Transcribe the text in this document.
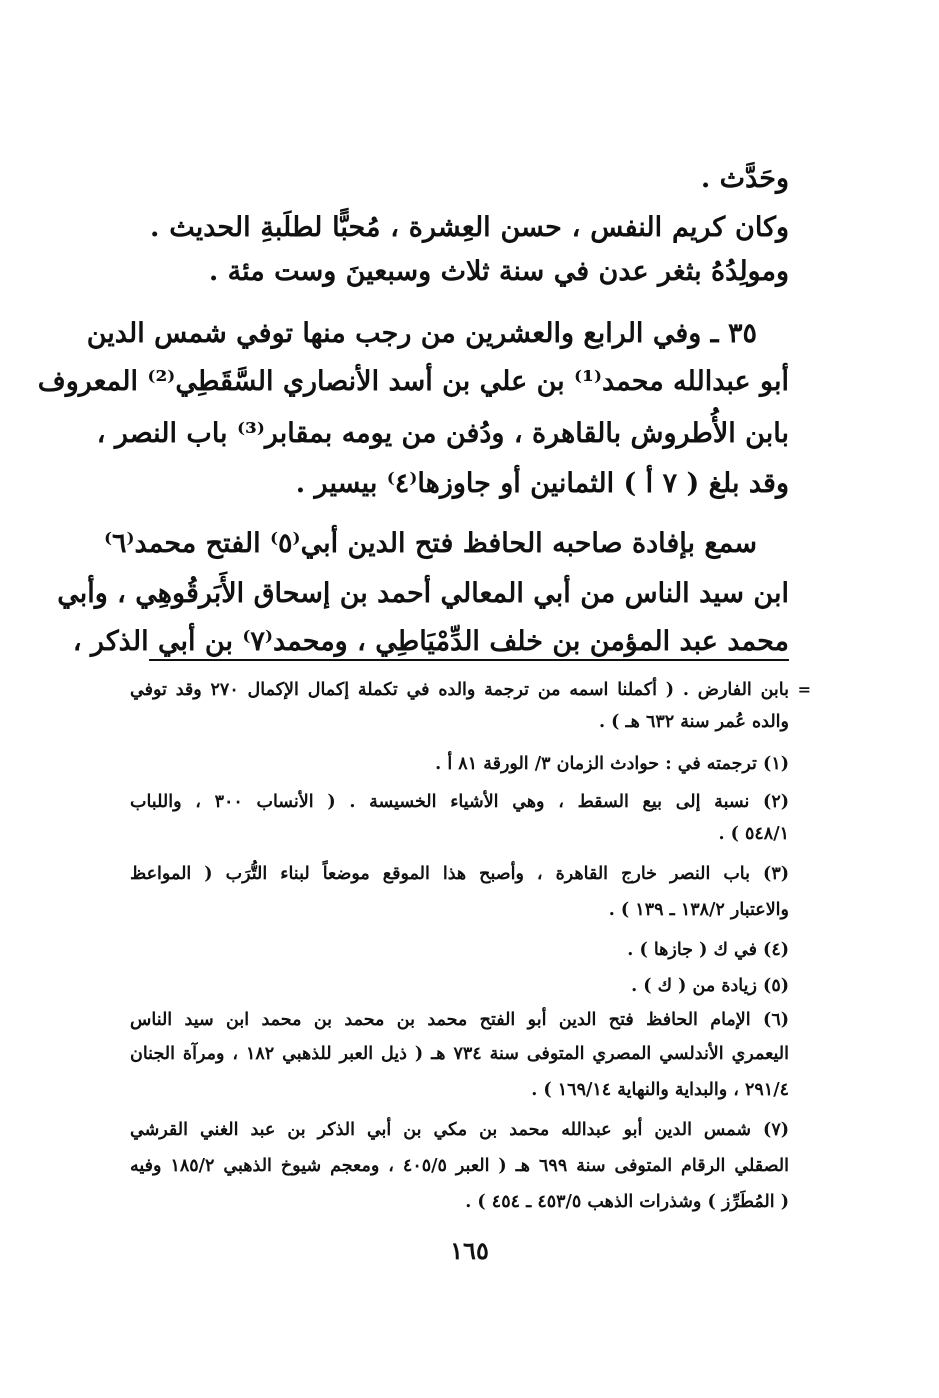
وحَدَّث .
وكان كريم النفس ، حسن العِشرة ، مُحبًّا لطلَبةِ الحديث .
ومولِدُهُ بثغر عدن في سنة ثلاث وسبعينَ وست مئة .
٣٥ ـ وفي الرابع والعشرين من رجب منها توفي شمس الدين
أبو عبدالله محمد⁽¹⁾ بن علي بن أسد الأنصاري السَّقَطِي⁽²⁾ المعروف
بابن الأُطروش بالقاهرة ، ودُفن من يومه بمقابر⁽³⁾ باب النصر ،
وقد بلغ ( ٧ أ ) الثمانين أو جاوزها⁽٤⁾ بيسير .
سمع بإفادة صاحبه الحافظ فتح الدين أبي⁽٥⁾ الفتح محمد⁽٦⁾
ابن سيد الناس من أبي المعالي أحمد بن إسحاق الأَبَرقُوهِي ، وأبي
محمد عبد المؤمن بن خلف الدِّمْيَاطِي ، ومحمد⁽٧⁾ بن أبي الذكر ،
=
بابن الفارض . ( أكملنا اسمه من ترجمة والده في تكملة إكمال الإكمال ٢٧٠ وقد توفي
والده عُمر سنة ٦٣٢ هـ ) .
(١) ترجمته في : حوادث الزمان ٣/ الورقة ٨١ أ .
(٢) نسبة إلى بيع السقط ، وهي الأشياء الخسيسة . ( الأنساب ٣٠٠ ، واللباب
٥٤٨/١ ) .
(٣) باب النصر خارج القاهرة ، وأصبح هذا الموقع موضعاً لبناء التُّرَب ( المواعظ
والاعتبار ١٣٨/٢ ـ ١٣٩ ) .
(٤) في ك ( جازها ) .
(٥) زيادة من ( ك ) .
(٦) الإمام الحافظ فتح الدين أبو الفتح محمد بن محمد بن محمد ابن سيد الناس
اليعمري الأندلسي المصري المتوفى سنة ٧٣٤ هـ ( ذيل العبر للذهبي ١٨٢ ، ومرآة الجنان
٢٩١/٤ ، والبداية والنهاية ١٦٩/١٤ ) .
(٧) شمس الدين أبو عبدالله محمد بن مكي بن أبي الذكر بن عبد الغني القرشي
الصقلي الرقام المتوفى سنة ٦٩٩ هـ ( العبر ٤٠٥/٥ ، ومعجم شيوخ الذهبي ١٨٥/٢ وفيه
( المُطَرِّز ) وشذرات الذهب ٤٥٣/٥ ـ ٤٥٤ ) .
١٦٥
